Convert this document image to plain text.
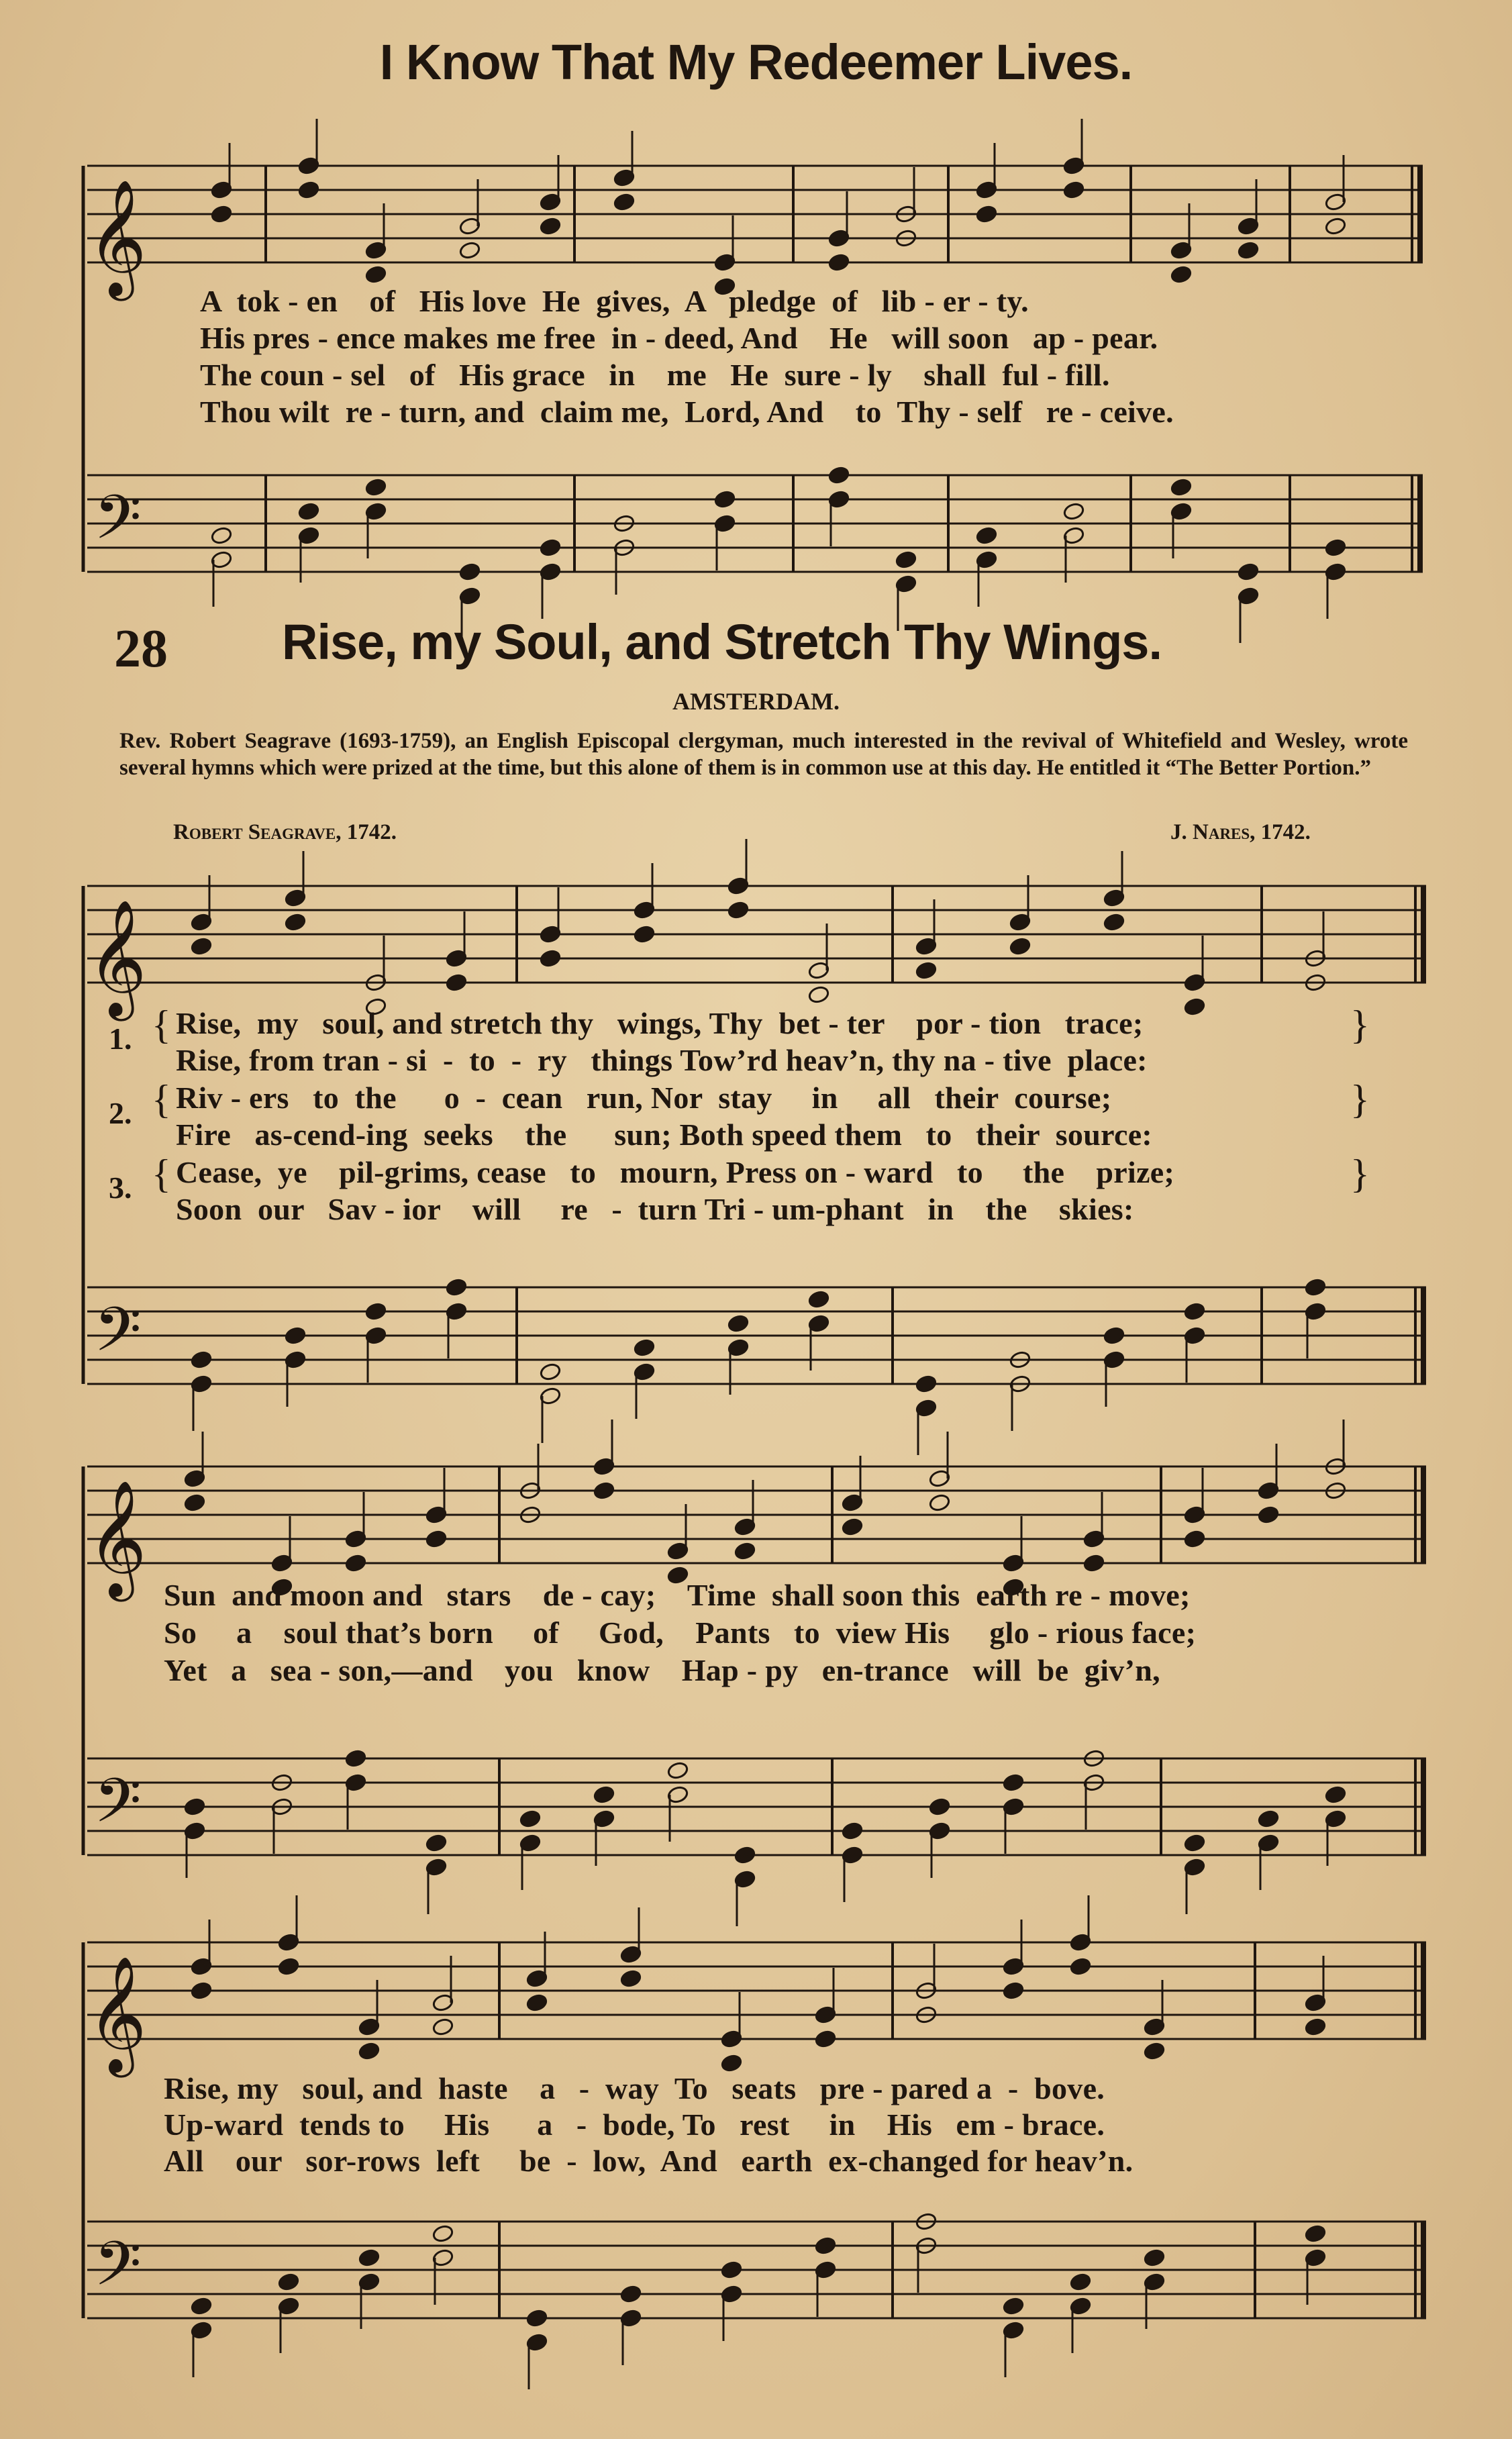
𝄞
𝄢
𝄞
𝄢
𝄞
𝄢
𝄞
𝄢
I Know That My Redeemer Lives.
A  tok - en    of   His love  He  gives,  A   pledge  of   lib - er - ty.
His pres - ence makes me free  in - deed, And    He   will soon   ap - pear.
The coun - sel   of   His grace   in    me   He  sure - ly    shall  ful - fill.
Thou wilt  re - turn, and  claim me,  Lord, And    to  Thy - self   re - ceive.
28 Rise, my Soul, and Stretch Thy Wings.
AMSTERDAM.
Rev. Robert Seagrave (1693-1759), an English Episcopal clergyman, much interested in the revival of Whitefield and Wesley, wrote several hymns which were prized at the time, but this alone of them is in common use at this day. He entitled it “The Better Portion.”
Robert Seagrave, 1742.	J. Nares, 1742.
1. { Rise,  my   soul, and stretch thy   wings, Thy  bet - ter    por - tion   trace;
Rise, from tran - si  -  to  -  ry   things Tow’rd heav’n, thy na - tive  place:
}
2. { Riv - ers   to  the      o  -  cean   run, Nor  stay     in     all   their  course;
Fire   as-cend-ing  seeks    the      sun; Both speed them   to   their  source:
}
3. { Cease,  ye    pil-grims, cease   to   mourn, Press on - ward   to     the    prize;
Soon  our   Sav - ior    will     re   -  turn Tri - um-phant   in    the    skies:
}
Sun  and moon and   stars    de - cay;    Time  shall soon this  earth re - move;
So     a    soul that’s born     of     God,    Pants   to  view His     glo - rious face;
Yet   a   sea - son,—and    you   know    Hap - py   en-trance   will  be  giv’n,
Rise, my   soul, and  haste    a   -  way  To   seats   pre - pared a  -  bove.
Up-ward  tends to     His      a   -  bode, To   rest     in    His   em - brace.
All    our   sor-rows  left     be  -  low,  And   earth  ex-changed for heav’n.
